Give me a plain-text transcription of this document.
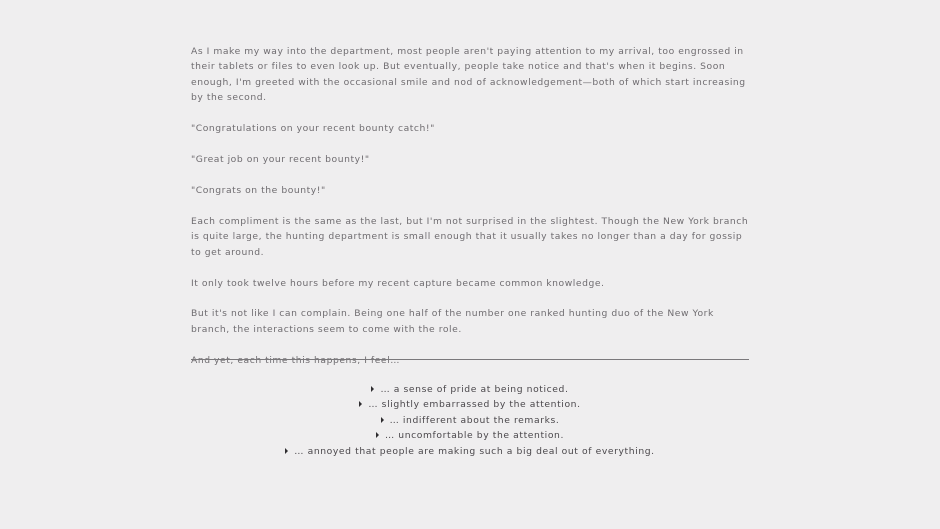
As I make my way into the department, most people aren't paying attention to my arrival, too engrossed in their tablets or files to even look up. But eventually, people take notice and that's when it begins. Soon enough, I'm greeted with the occasional smile and nod of acknowledgement—both of which start increasing by the second.

"Congratulations on your recent bounty catch!"

"Great job on your recent bounty!"

"Congrats on the bounty!"

Each compliment is the same as the last, but I'm not surprised in the slightest. Though the New York branch is quite large, the hunting department is small enough that it usually takes no longer than a day for gossip to get around.

It only took twelve hours before my recent capture became common knowledge.

But it's not like I can complain. Being one half of the number one ranked hunting duo of the New York branch, the interactions seem to come with the role.

And yet, each time this happens, I feel…

… a sense of pride at being noticed.
… slightly embarrassed by the attention.
… indifferent about the remarks.
… uncomfortable by the attention.
… annoyed that people are making such a big deal out of everything.
